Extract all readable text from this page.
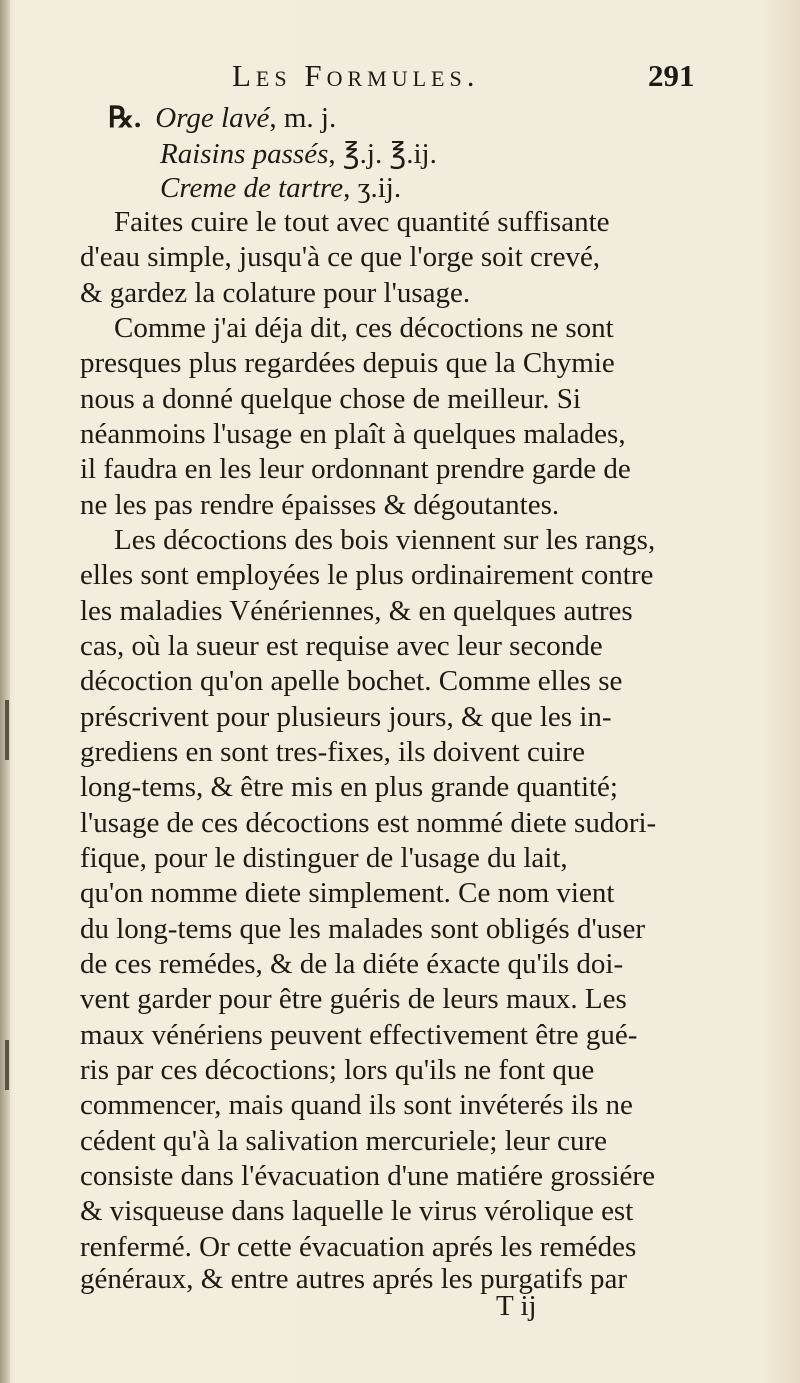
Les Formules.	291
℞. Orge lavé, m. j.
Raisins passés, ℥.j. ℥.ij.
Creme de tartre, ʒ.ij.
Faites cuire le tout avec quantité suffisante
d'eau simple, jusqu'à ce que l'orge soit crevé,
& gardez la colature pour l'usage.
Comme j'ai déja dit, ces décoctions ne sont
presques plus regardées depuis que la Chymie
nous a donné quelque chose de meilleur. Si
néanmoins l'usage en plaît à quelques malades,
il faudra en les leur ordonnant prendre garde de
ne les pas rendre épaisses & dégoutantes.
Les décoctions des bois viennent sur les rangs,
elles sont employées le plus ordinairement contre
les maladies Vénériennes, & en quelques autres
cas, où la sueur est requise avec leur seconde
décoction qu'on apelle bochet. Comme elles se
préscrivent pour plusieurs jours, & que les in-
grediens en sont tres-fixes, ils doivent cuire
long-tems, & être mis en plus grande quantité;
l'usage de ces décoctions est nommé diete sudori-
fique, pour le distinguer de l'usage du lait,
qu'on nomme diete simplement. Ce nom vient
du long-tems que les malades sont obligés d'user
de ces remédes, & de la diéte éxacte qu'ils doi-
vent garder pour être guéris de leurs maux. Les
maux vénériens peuvent effectivement être gué-
ris par ces décoctions; lors qu'ils ne font que
commencer, mais quand ils sont invéterés ils ne
cédent qu'à la salivation mercuriele; leur cure
consiste dans l'évacuation d'une matiére grossiére
& visqueuse dans laquelle le virus vérolique est
renfermé. Or cette évacuation aprés les remédes
généraux, & entre autres aprés les purgatifs par
T ij
